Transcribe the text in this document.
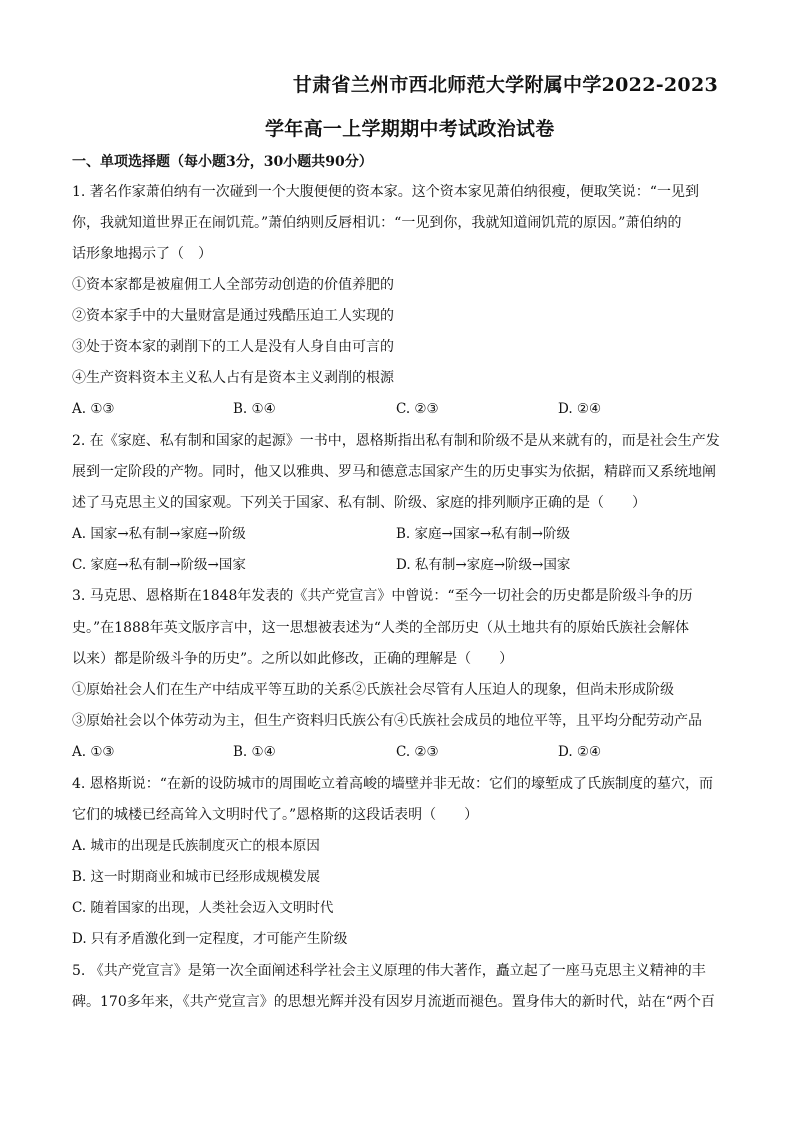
甘肃省兰州市西北师范大学附属中学2022-2023
学年高一上学期期中考试政治试卷
一、单项选择题（每小题3分，30小题共90分）
1. 著名作家萧伯纳有一次碰到一个大腹便便的资本家。这个资本家见萧伯纳很瘦，便取笑说：“一见到
你，我就知道世界正在闹饥荒。”萧伯纳则反唇相讥：“一见到你，我就知道闹饥荒的原因。”萧伯纳的
话形象地揭示了（　）
①资本家都是被雇佣工人全部劳动创造的价值养肥的
②资本家手中的大量财富是通过残酷压迫工人实现的
③处于资本家的剥削下的工人是没有人身自由可言的
④生产资料资本主义私人占有是资本主义剥削的根源
A. ①③	B. ①④	C. ②③	D. ②④
2. 在《家庭、私有制和国家的起源》一书中，恩格斯指出私有制和阶级不是从来就有的，而是社会生产发
展到一定阶段的产物。同时，他又以雅典、罗马和德意志国家产生的历史事实为依据，精辟而又系统地阐
述了马克思主义的国家观。下列关于国家、私有制、阶级、家庭的排列顺序正确的是（　　）
A. 国家→私有制→家庭→阶级	B. 家庭→国家→私有制→阶级
C. 家庭→私有制→阶级→国家	D. 私有制→家庭→阶级→国家
3. 马克思、恩格斯在1848年发表的《共产党宣言》中曾说：“至今一切社会的历史都是阶级斗争的历
史。”在1888年英文版序言中，这一思想被表述为“人类的全部历史（从土地共有的原始氏族社会解体
以来）都是阶级斗争的历史”。之所以如此修改，正确的理解是（　　）
①原始社会人们在生产中结成平等互助的关系②氏族社会尽管有人压迫人的现象，但尚未形成阶级
③原始社会以个体劳动为主，但生产资料归氏族公有④氏族社会成员的地位平等，且平均分配劳动产品
A. ①③	B. ①④	C. ②③	D. ②④
4. 恩格斯说：“在新的设防城市的周围屹立着高峻的墙壁并非无故：它们的壕堑成了氏族制度的墓穴，而
它们的城楼已经高耸入文明时代了。”恩格斯的这段话表明（　　）
A. 城市的出现是氏族制度灭亡的根本原因
B. 这一时期商业和城市已经形成规模发展
C. 随着国家的出现，人类社会迈入文明时代
D. 只有矛盾激化到一定程度，才可能产生阶级
5. 《共产党宣言》是第一次全面阐述科学社会主义原理的伟大著作，矗立起了一座马克思主义精神的丰
碑。170多年来，《共产党宣言》的思想光辉并没有因岁月流逝而褪色。置身伟大的新时代，站在“两个百
